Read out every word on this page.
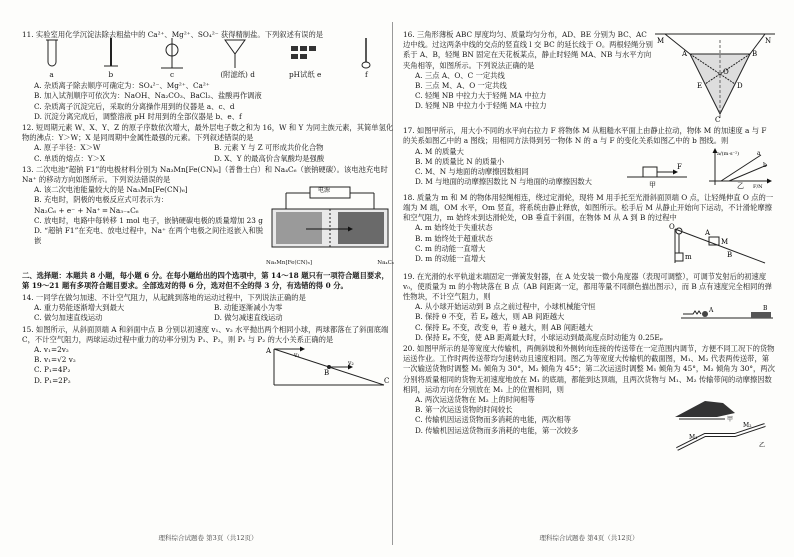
11. 实验室用化学沉淀法除去粗盐中的 Ca²⁺、Mg²⁺、SO₄²⁻ 获得精制盐。下列叙述有误的是
a	b	c	(附滤纸) d	pH试纸 e	f
A. 杂质离子除去顺序可确定为：SO₄²⁻、Mg²⁺、Ca²⁺
B. 加入试剂顺序可依次为：NaOH、Na₂CO₃、BaCl₂、盐酸再作调液
C. 杂质离子沉淀完后，采取的分离操作用到的仪器是 a、c、d
D. 沉淀分离完成后，调整溶液 pH 时用到的全部仪器是 b、e、f
12. 短周期元素 W、X、Y、Z 的原子序数依次增大，最外层电子数之和为 16，W 和 Y 为同主族元素，其简单氢化物的沸点：Y＞W；X 是同周期中金属性最强的元素。下列叙述错误的是
A. 原子半径：X＞W	B. 元素 Y 与 Z 可形成共价化合物
C. 单质的熔点：Y＞X	D. X、Y 的最高价含氧酸均是强酸
13. 二次电池“超钠 F1”的电极材料分别为 Na₃Mn[Fe(CN)₆]（普鲁士白）和 Na₄C₆（嵌钠硬碳）。该电池充电时 Na⁺ 的移动方向如图所示。下列说法错误的是
A. 该二次电池能量较大的是 Na₃Mn[Fe(CN)₆]
B. 充电时，阴极的电极反应式可表示为：
Na₂C₆ + e⁻ + Na⁺ ═ Na₃₋ₓC₆
C. 放电时，电路中每转移 1 mol 电子，嵌钠硬碳电极的质量增加 23 g
D. “超钠 F1”在充电、放电过程中，Na⁺ 在两个电极之间往返嵌入和脱嵌
电源
Na₃Mn[Fe(CN)₆]	Na₄C₆
二、选择题：本题共 8 小题，每小题 6 分。在每小题给出的四个选项中，第 14～18 题只有一项符合题目要求，第 19～21 题有多项符合题目要求。全部选对的得 6 分，选对但不全的得 3 分，有选错的得 0 分。
14. 一同学在做匀加速、不计空气阻力，从起跳到落地的运动过程中，下列说法正确的是
A. 重力势能逐渐增大到最大	B. 动能逐渐减小为零
C. 做匀加速直线运动	D. 做匀减速直线运动
15. 如图所示，从斜面顶端 A 和斜面中点 B 分别以初速度 v₁、v₂ 水平抛出两个相同小球，两球都落在了斜面底端 C，不计空气阻力，两球运动过程中重力的功率分别为 P₁、P₂，则 P₁ 与 P₂ 的大小关系正确的是
A. v₁=2v₂
B. v₁=√2 v₂
C. P₁=4P₂
D. P₁=2P₂
A
B
C
v₁
v₂
理科综合试题卷 第3页（共12页）
16. 三角形薄板 ABC 厚度均匀、质量均匀分布，AD、BE 分别为 BC、AC 边中线。过这两条中线的交点的竖直线 l 交 BC 的延长线于 O。两根轻绳分别系于 A、B，轻绳 BN 固定在天花板某点，静止时轻绳 MA、NB 与水平方向夹角相等，如图所示。下列说法正确的是
A. 三点 A、O、C 一定共线
B. 三点 M、A、O 一定共线
C. 轻绳 NB 中拉力大于轻绳 MA 中拉力
D. 轻绳 NB 中拉力小于轻绳 MA 中拉力
M	N
A	B
C
D
E
O
17. 如图甲所示，用大小不同的水平向右拉力 F 将物体 M 从粗糙水平面上由静止拉动，物体 M 的加速度 a 与 F 的关系如图乙中的 a 图线；用相同方法得到另一物体 N 的 a 与 F 的变化关系如图乙中的 b 图线。则
A. M 的质量大
B. M 的质量比 N 的质量小
C. M、N 与地面的动摩擦因数相同
D. M 与地面的动摩擦因数比 N 与地面的动摩擦因数大
F
甲
a/(m·s⁻²)
F/N
a
b
乙
18. 质量为 m 和 M 的物体用轻绳相连，绕过定滑轮，现将 M 用手托至光滑斜面顶端 O 点，让轻绳伸直 O 点的一端为 M 端，OM 水平，Om 竖直，将系统由静止释放，如图所示。松手后 M 从静止开始向下运动，不计滑轮摩擦和空气阻力，m 始终未到达滑轮处，OB 垂直于斜面，在物体 M 从 A 到 B 的过程中
A. m 始终处于失重状态
B. m 始终处于超重状态
C. m 的动能一直增大
D. m 的动能一直增大
O
A
m	B
M
19. 在光滑的水平轨道末端固定一弹簧发射器，在 A 处安装一微小角度器（表现可调整），可调节发射后的初速度 v₀，使质量为 m 的小物块落在 B 点（AB 间距离一定，都用等量不同颜色描出图示），而 B 点有速度完全相同的弹性物块，不计空气阻力，则
A. 从小球开始运动到 B 点之前过程中，小球机械能守恒
B. 保持 θ 不变，若 Eₚ 越大，则 AB 间距越大
C. 保持 Eₚ 不变，改变 θ，若 θ 越大，则 AB 间距越大
D. 保持 Eₚ 不变，使 AB 距离最大时，小球运动到最高度点时动能为 0.25Eₚ
A	B
20. 如图甲所示的是等宽度大传输机，两侧斜坡和外侧转向连接的传送带在一定范围内调节，方便不同工况下的货物运送作业。工作时两传送带均匀速转动且速度相同。图乙为等宽度大传输机的截面图，M₁、M₂ 代表两传送带，第一次输送货物时调整 M₁ 倾角为 30°，M₂ 倾角为 45°；第二次运送时调整 M₁ 倾角为 45°，M₂ 倾角为 30°，两次分别将质量相同的货物无初速度地放在 M₁ 的底端，都能到达顶端，且两次货物与 M₁、M₂ 传输带间的动摩擦因数相同，运动方向在分别放在 M₁ 上的位置相同，则
A. 两次运送货物在 M₂ 上的时间相等
B. 第一次运送货物的时间较长
C. 传输机因运送货物而多消耗的电能，两次相等
D. 传输机因运送货物而多消耗的电能，第一次较多
甲
M₁
M₂
乙
理科综合试题卷 第4页（共12页）
